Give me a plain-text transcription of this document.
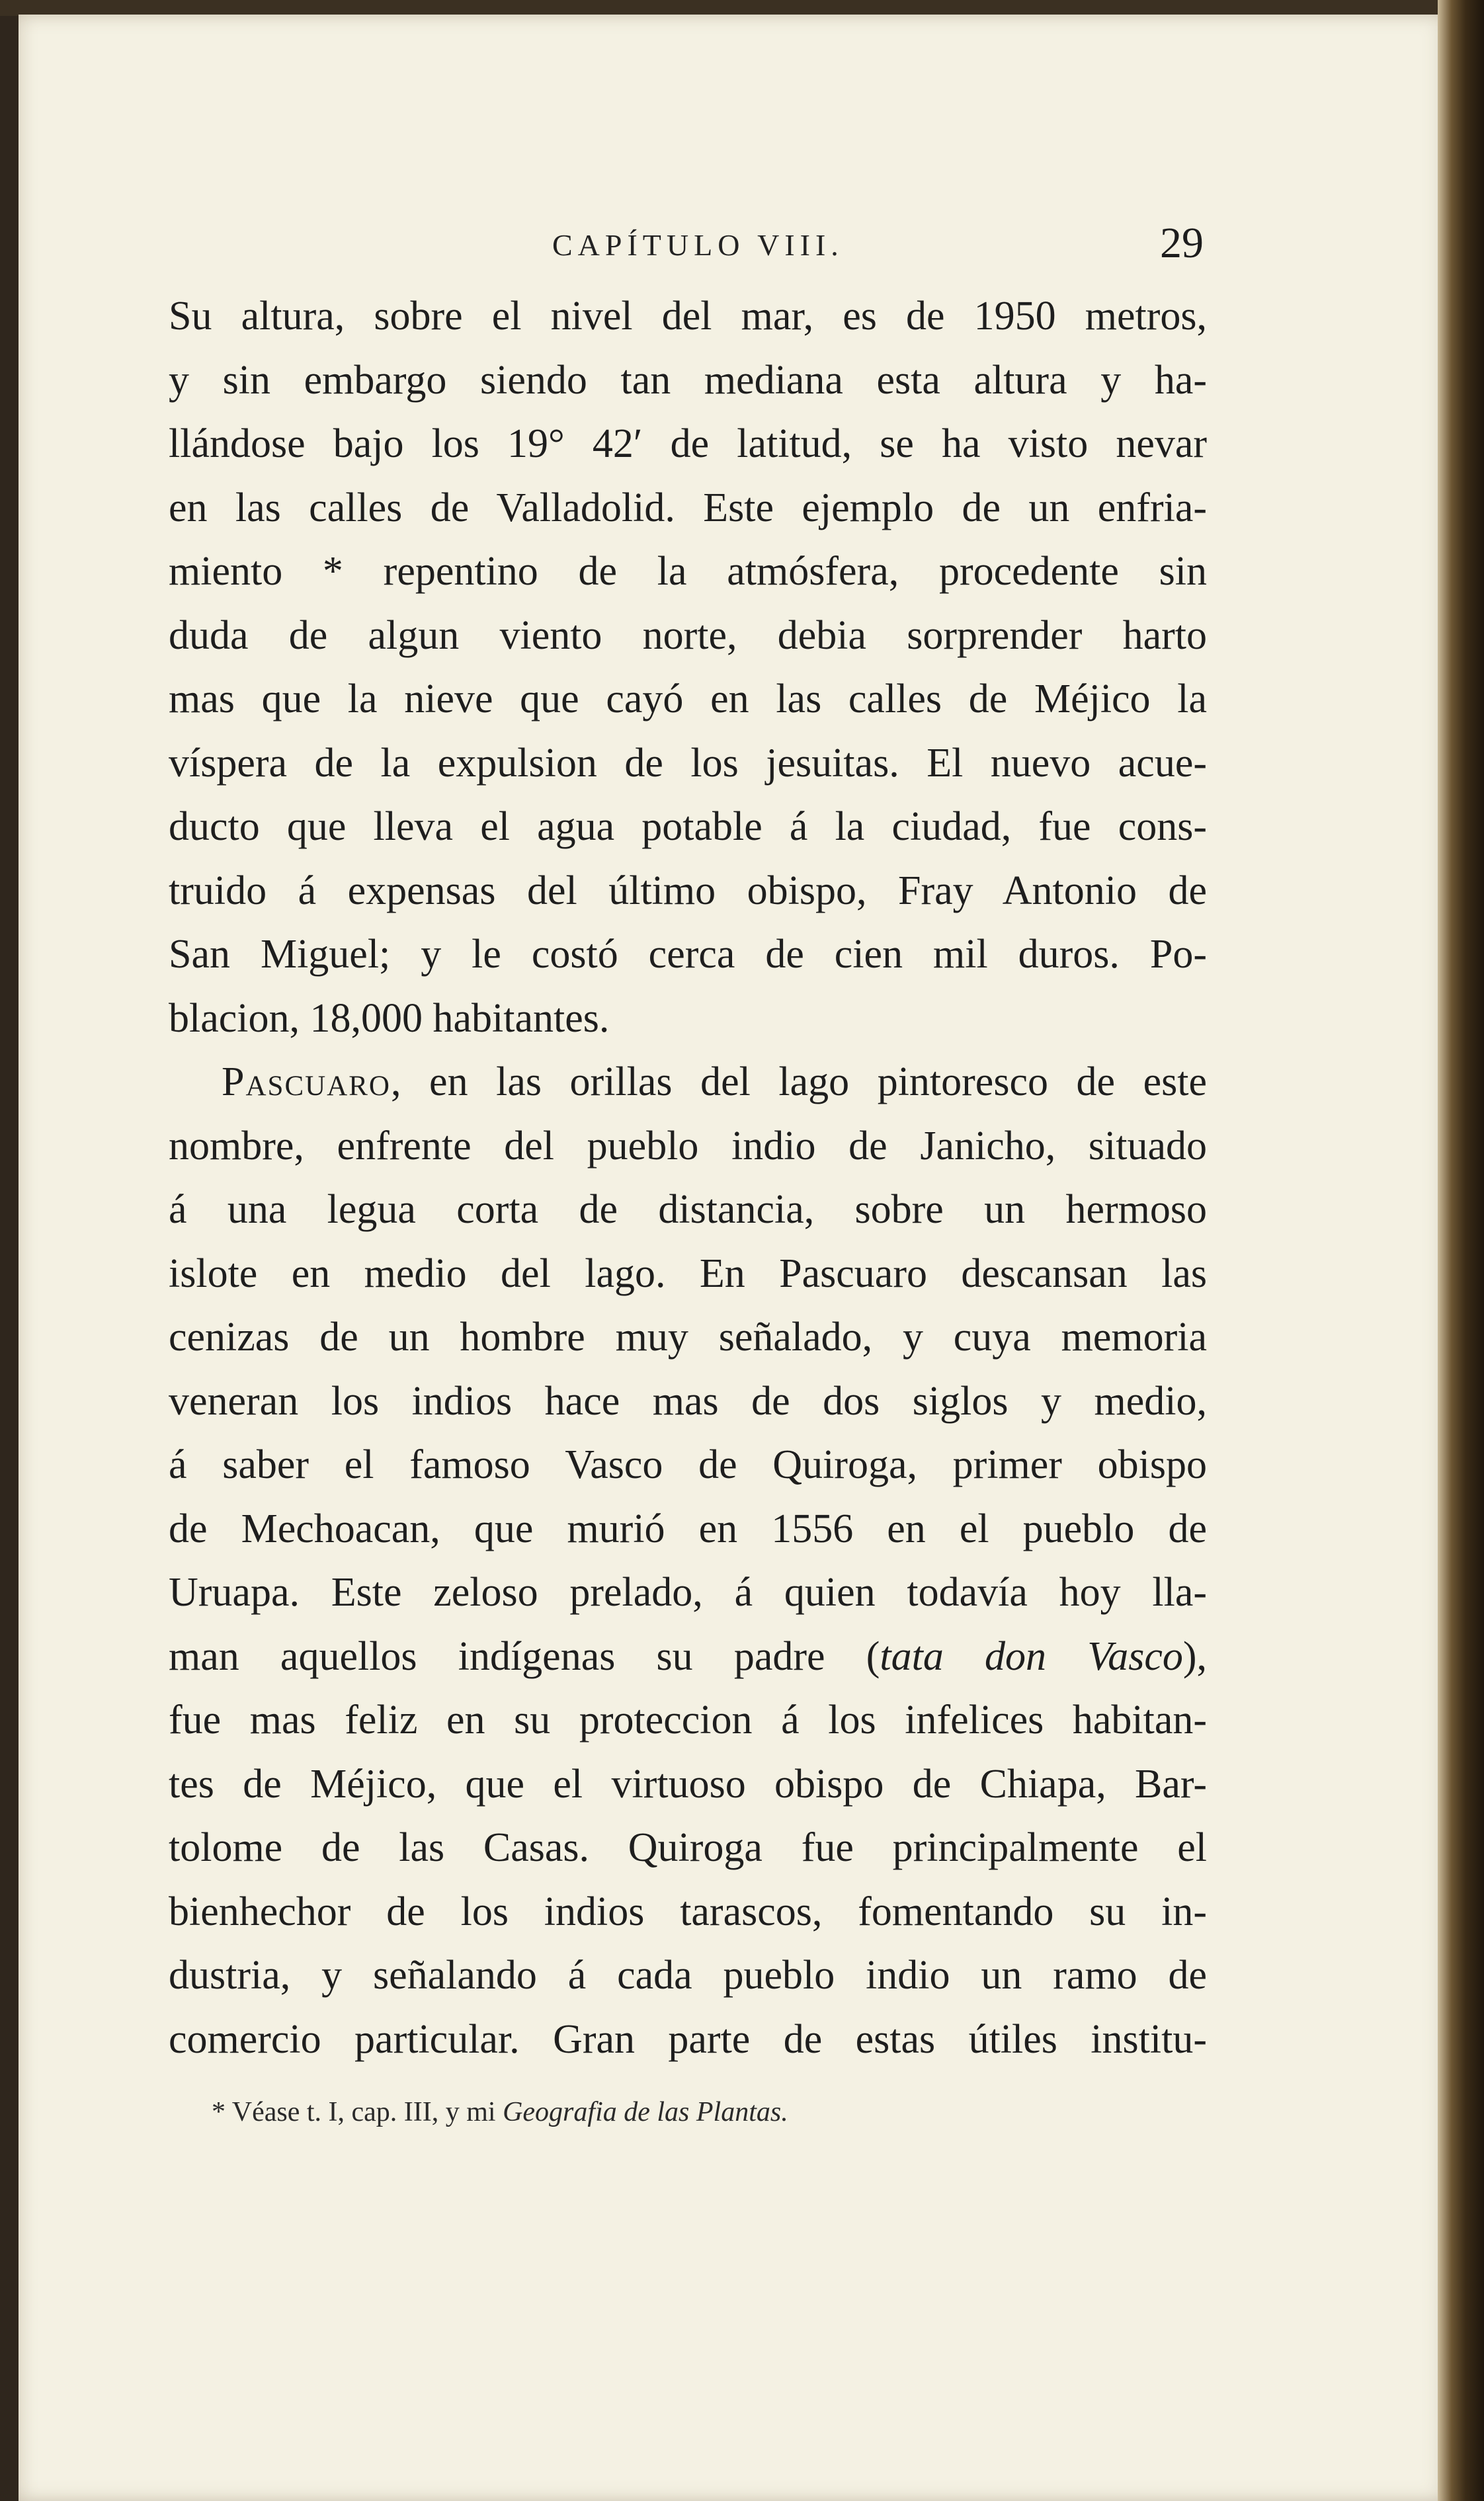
CAPÍTULO VIII.	29
Su altura, sobre el nivel del mar, es de 1950 metros,
y sin embargo siendo tan mediana esta altura y ha-
llándose bajo los 19° 42′ de latitud, se ha visto nevar
en las calles de Valladolid. Este ejemplo de un enfria-
miento * repentino de la atmósfera, procedente sin
duda de algun viento norte, debia sorprender harto
mas que la nieve que cayó en las calles de Méjico la
víspera de la expulsion de los jesuitas. El nuevo acue-
ducto que lleva el agua potable á la ciudad, fue cons-
truido á expensas del último obispo, Fray Antonio de
San Miguel; y le costó cerca de cien mil duros. Po-
blacion, 18,000 habitantes.
Pascuaro, en las orillas del lago pintoresco de este
nombre, enfrente del pueblo indio de Janicho, situado
á una legua corta de distancia, sobre un hermoso
islote en medio del lago. En Pascuaro descansan las
cenizas de un hombre muy señalado, y cuya memoria
veneran los indios hace mas de dos siglos y medio,
á saber el famoso Vasco de Quiroga, primer obispo
de Mechoacan, que murió en 1556 en el pueblo de
Uruapa. Este zeloso prelado, á quien todavía hoy lla-
man aquellos indígenas su padre (tata don Vasco),
fue mas feliz en su proteccion á los infelices habitan-
tes de Méjico, que el virtuoso obispo de Chiapa, Bar-
tolome de las Casas. Quiroga fue principalmente el
bienhechor de los indios tarascos, fomentando su in-
dustria, y señalando á cada pueblo indio un ramo de
comercio particular. Gran parte de estas útiles institu-
* Véase t. I, cap. III, y mi Geografia de las Plantas.
